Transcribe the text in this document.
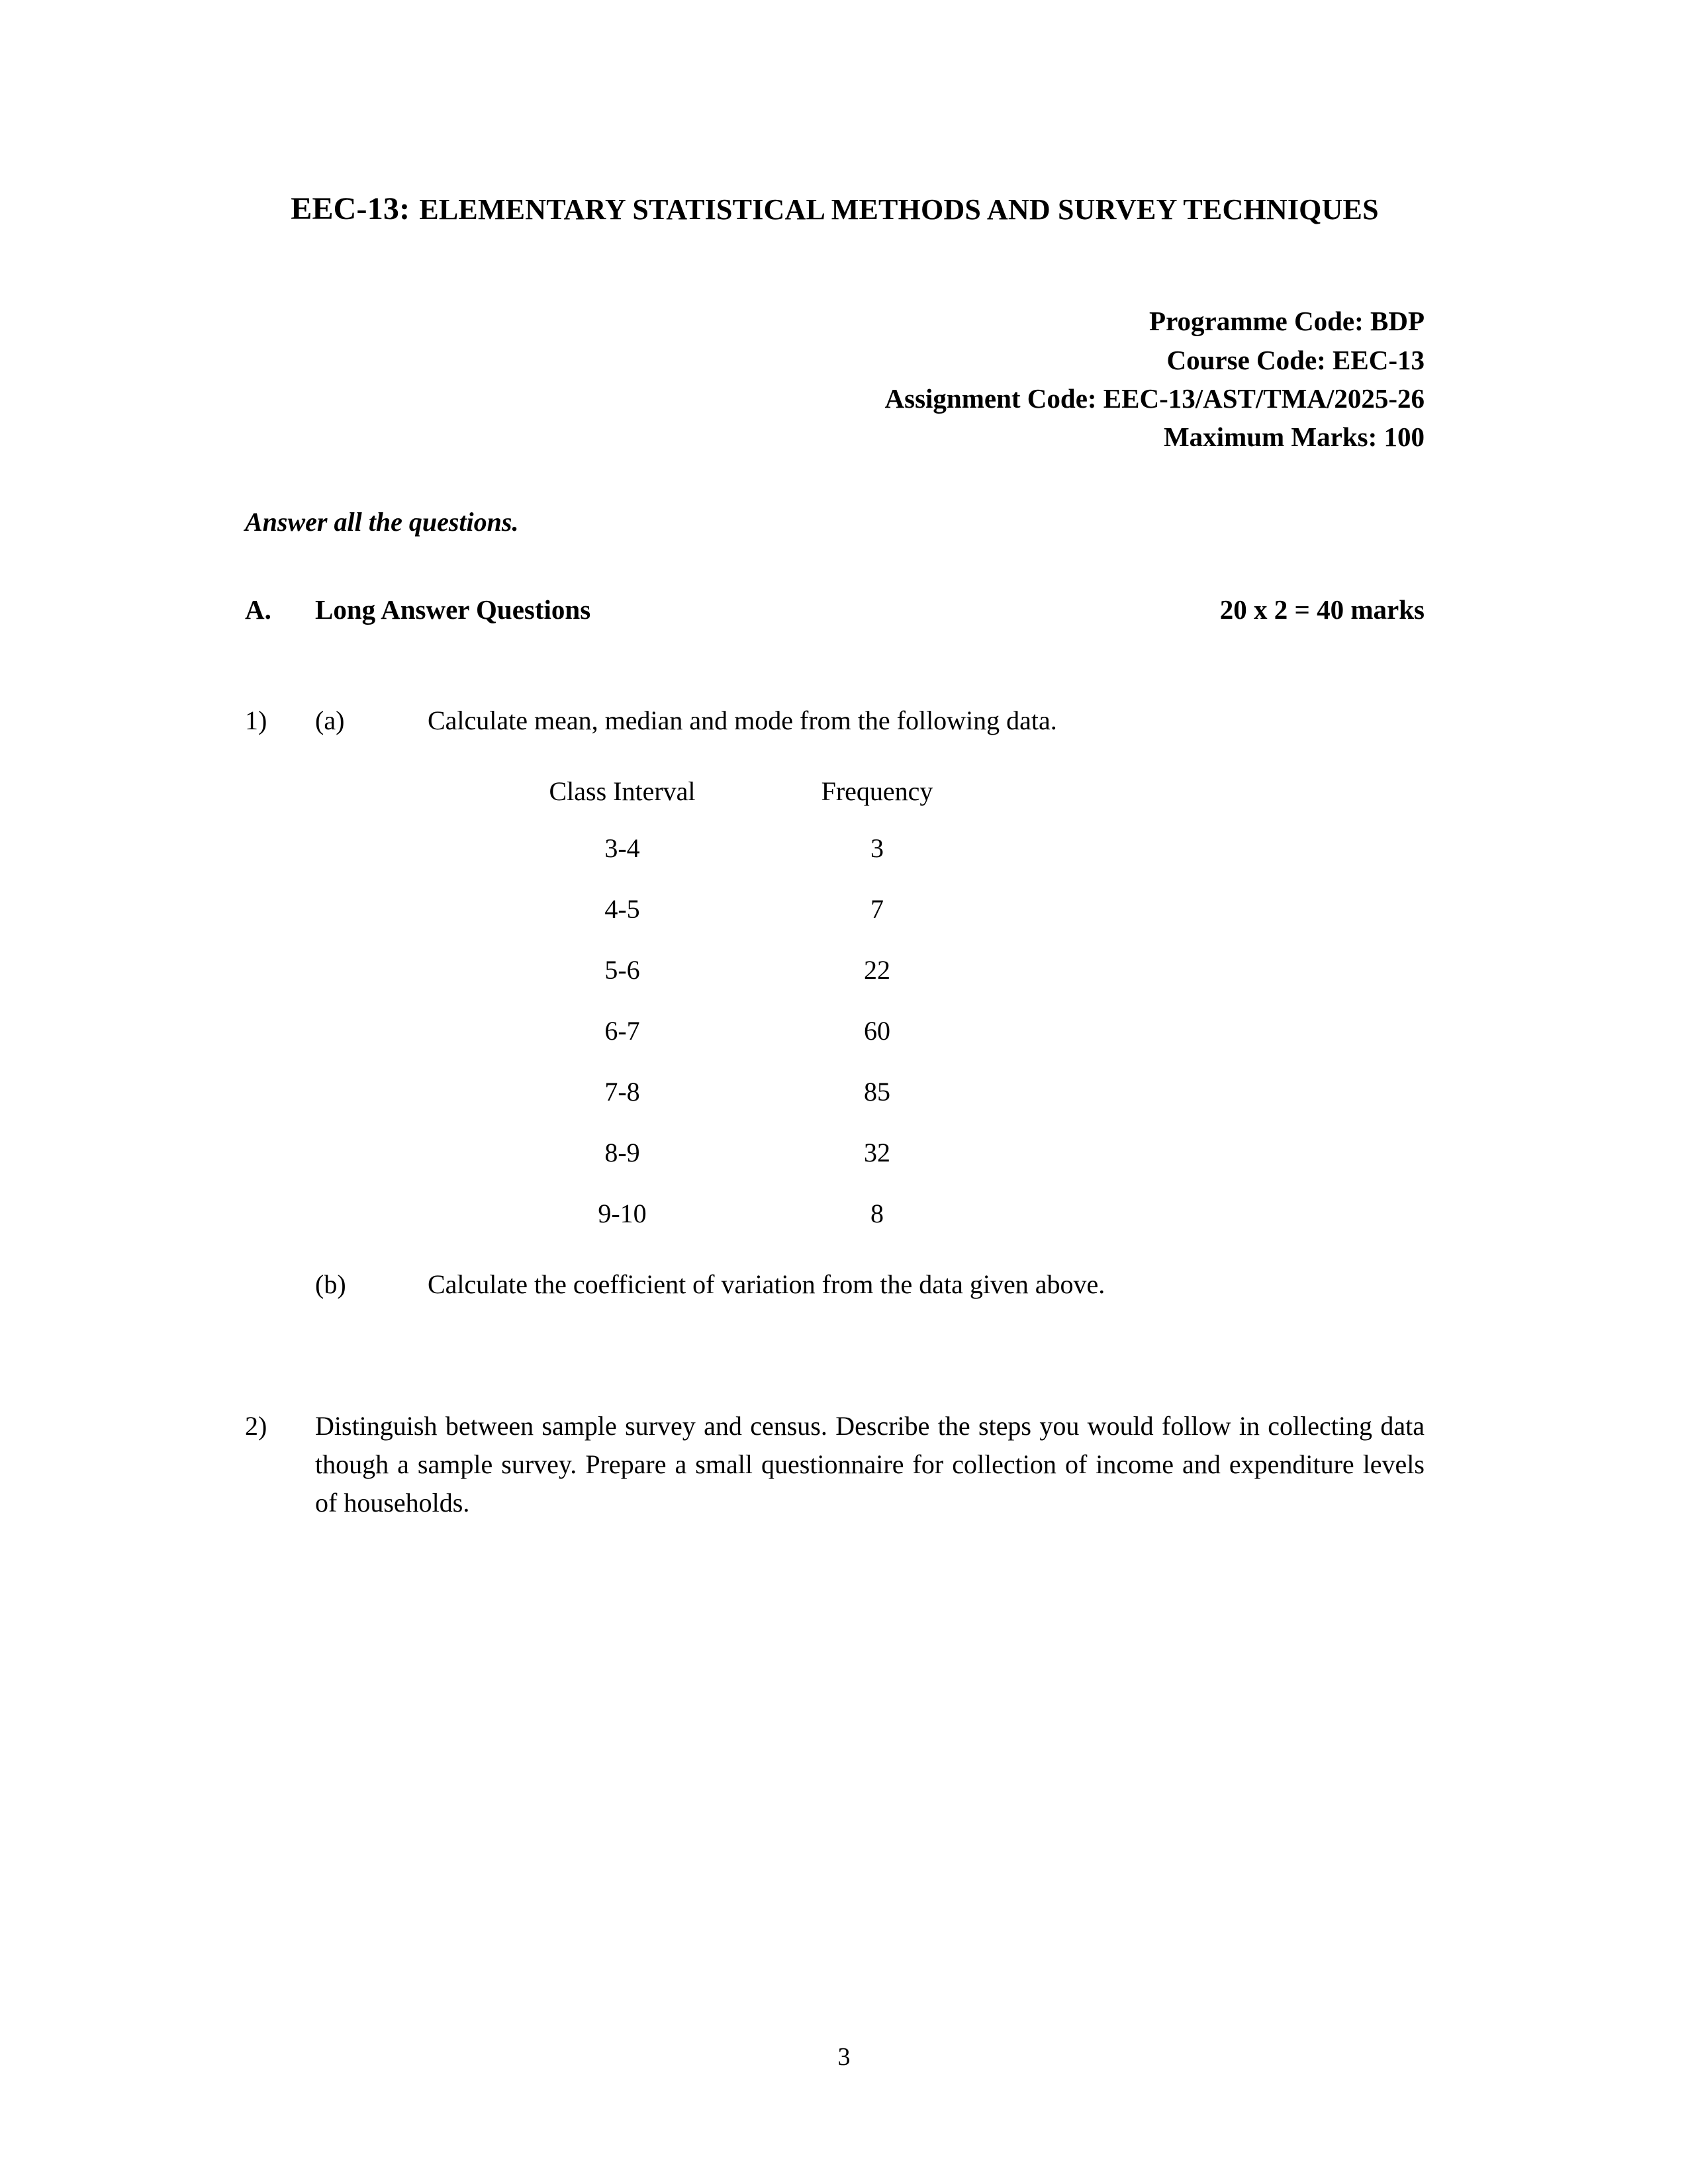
EEC-13: ELEMENTARY STATISTICAL METHODS AND SURVEY TECHNIQUES
Programme Code: BDP
Course Code: EEC-13
Assignment Code: EEC-13/AST/TMA/2025-26
Maximum Marks: 100
Answer all the questions.
A.	Long Answer Questions	20 x 2 = 40 marks
1)	(a)	Calculate mean, median and mode from the following data.
Class Interval	Frequency
3-4	3
4-5	7
5-6	22
6-7	60
7-8	85
8-9	32
9-10	8
(b)	Calculate the coefficient of variation from the data given above.
2)	Distinguish between sample survey and census. Describe the steps you would follow in collecting data though a sample survey. Prepare a small questionnaire for collection of income and expenditure levels of households.
3
